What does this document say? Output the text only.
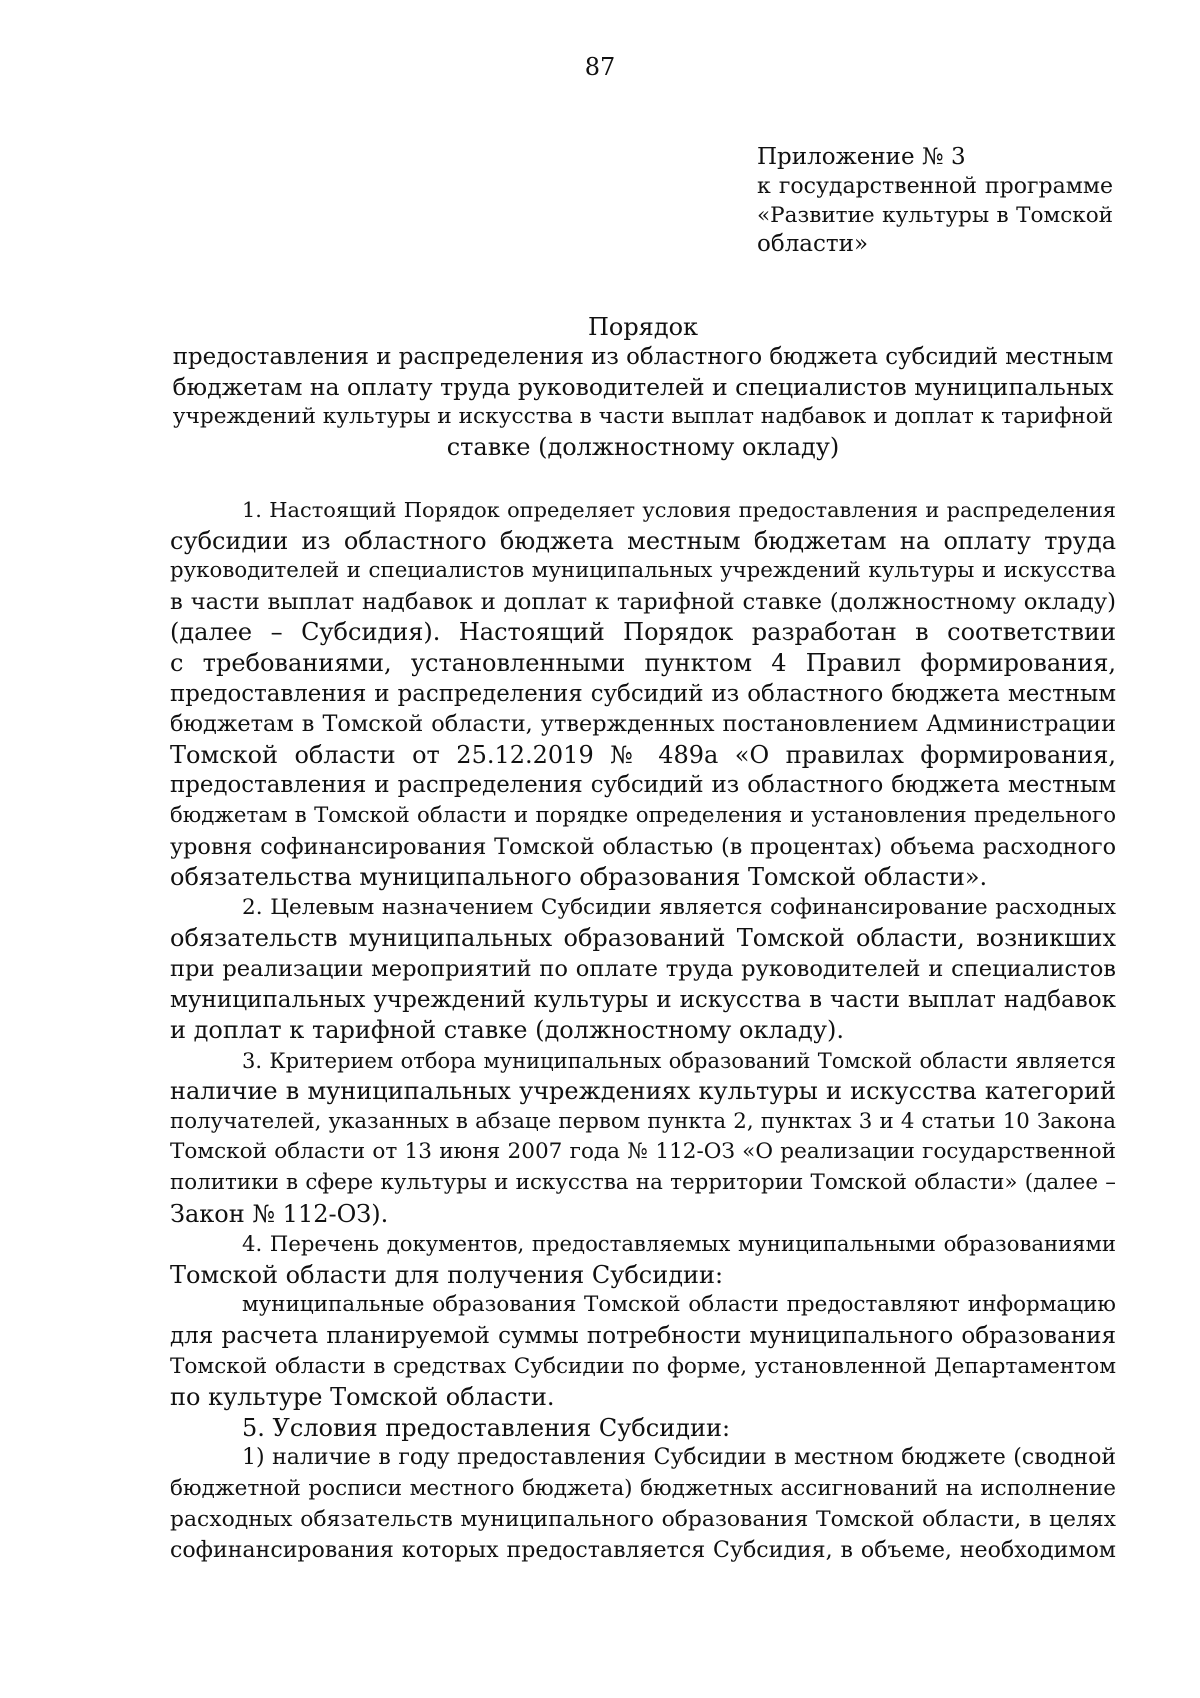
87
Приложение № 3
к государственной программе
«Развитие культуры в Томской
области»
Порядок
предоставления и распределения из областного бюджета субсидий местным
бюджетам на оплату труда руководителей и специалистов муниципальных
учреждений культуры и искусства в части выплат надбавок и доплат к тарифной
ставке (должностному окладу)
1. Настоящий Порядок определяет условия предоставления и распределения
субсидии из областного бюджета местным бюджетам на оплату труда
руководителей и специалистов муниципальных учреждений культуры и искусства
в части выплат надбавок и доплат к тарифной ставке (должностному окладу)
(далее – Субсидия). Настоящий Порядок разработан в соответствии
с требованиями, установленными пунктом 4 Правил формирования,
предоставления и распределения субсидий из областного бюджета местным
бюджетам в Томской области, утвержденных постановлением Администрации
Томской области от 25.12.2019 № 489а «О правилах формирования,
предоставления и распределения субсидий из областного бюджета местным
бюджетам в Томской области и порядке определения и установления предельного
уровня софинансирования Томской областью (в процентах) объема расходного
обязательства муниципального образования Томской области».
2. Целевым назначением Субсидии является софинансирование расходных
обязательств муниципальных образований Томской области, возникших
при реализации мероприятий по оплате труда руководителей и специалистов
муниципальных учреждений культуры и искусства в части выплат надбавок
и доплат к тарифной ставке (должностному окладу).
3. Критерием отбора муниципальных образований Томской области является
наличие в муниципальных учреждениях культуры и искусства категорий
получателей, указанных в абзаце первом пункта 2, пунктах 3 и 4 статьи 10 Закона
Томской области от 13 июня 2007 года № 112-ОЗ «О реализации государственной
политики в сфере культуры и искусства на территории Томской области» (далее –
Закон № 112-ОЗ).
4. Перечень документов, предоставляемых муниципальными образованиями
Томской области для получения Субсидии:
муниципальные образования Томской области предоставляют информацию
для расчета планируемой суммы потребности муниципального образования
Томской области в средствах Субсидии по форме, установленной Департаментом
по культуре Томской области.
5. Условия предоставления Субсидии:
1) наличие в году предоставления Субсидии в местном бюджете (сводной
бюджетной росписи местного бюджета) бюджетных ассигнований на исполнение
расходных обязательств муниципального образования Томской области, в целях
софинансирования которых предоставляется Субсидия, в объеме, необходимом
